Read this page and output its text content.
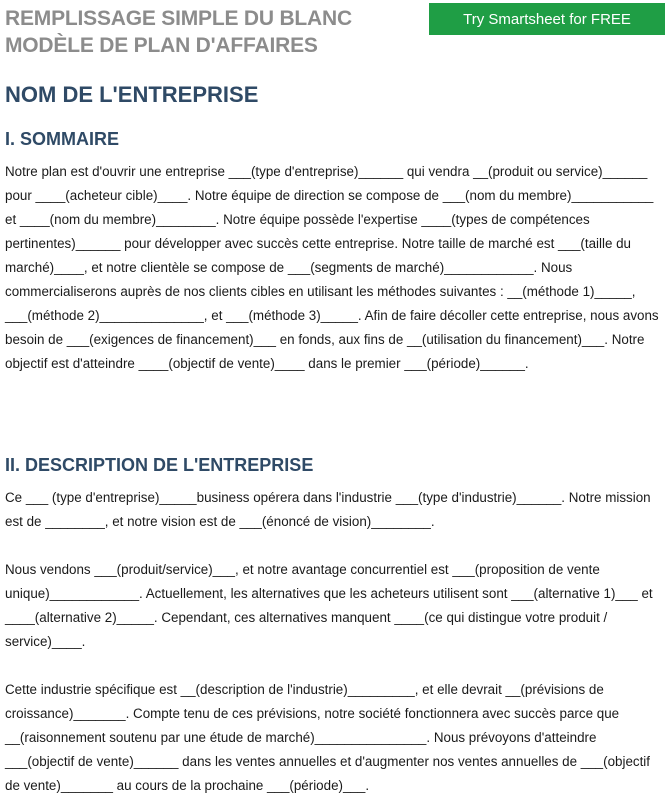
REMPLISSAGE SIMPLE DU BLANC
MODÈLE DE PLAN D'AFFAIRES
Try Smartsheet for FREE
NOM DE L'ENTREPRISE
I. SOMMAIRE

Notre plan est d'ouvrir une entreprise ___(type d'entreprise)______ qui vendra __(produit ou service)______ pour ____(acheteur cible)____. Notre équipe de direction se compose de ___(nom du membre)___________ et ____(nom du membre)________. Notre équipe possède l'expertise ____(types de compétences pertinentes)______ pour développer avec succès cette entreprise. Notre taille de marché est ___(taille du marché)____, et notre clientèle se compose de ___(segments de marché)____________. Nous commercialiserons auprès de nos clients cibles en utilisant les méthodes suivantes : __(méthode 1)_____, ___(méthode 2)______________, et ___(méthode 3)_____. Afin de faire décoller cette entreprise, nous avons besoin de ___(exigences de financement)___ en fonds, aux fins de __(utilisation du financement)___. Notre objectif est d'atteindre ____(objectif de vente)____ dans le premier ___(période)______.

II. DESCRIPTION DE L'ENTREPRISE

Ce ___ (type d'entreprise)_____business opérera dans l'industrie ___(type d'industrie)______. Notre mission est de ________, et notre vision est de ___(énoncé de vision)________.

Nous vendons ___(produit/service)___, et notre avantage concurrentiel est ___(proposition de vente unique)____________. Actuellement, les alternatives que les acheteurs utilisent sont ___(alternative 1)___ et ____(alternative 2)_____. Cependant, ces alternatives manquent ____(ce qui distingue votre produit / service)____.

Cette industrie spécifique est __(description de l'industrie)_________, et elle devrait __(prévisions de croissance)_______. Compte tenu de ces prévisions, notre société fonctionnera avec succès parce que __(raisonnement soutenu par une étude de marché)_______________. Nous prévoyons d'atteindre ___(objectif de vente)______ dans les ventes annuelles et d'augmenter nos ventes annuelles de ___(objectif de vente)_______ au cours de la prochaine ___(période)___.
